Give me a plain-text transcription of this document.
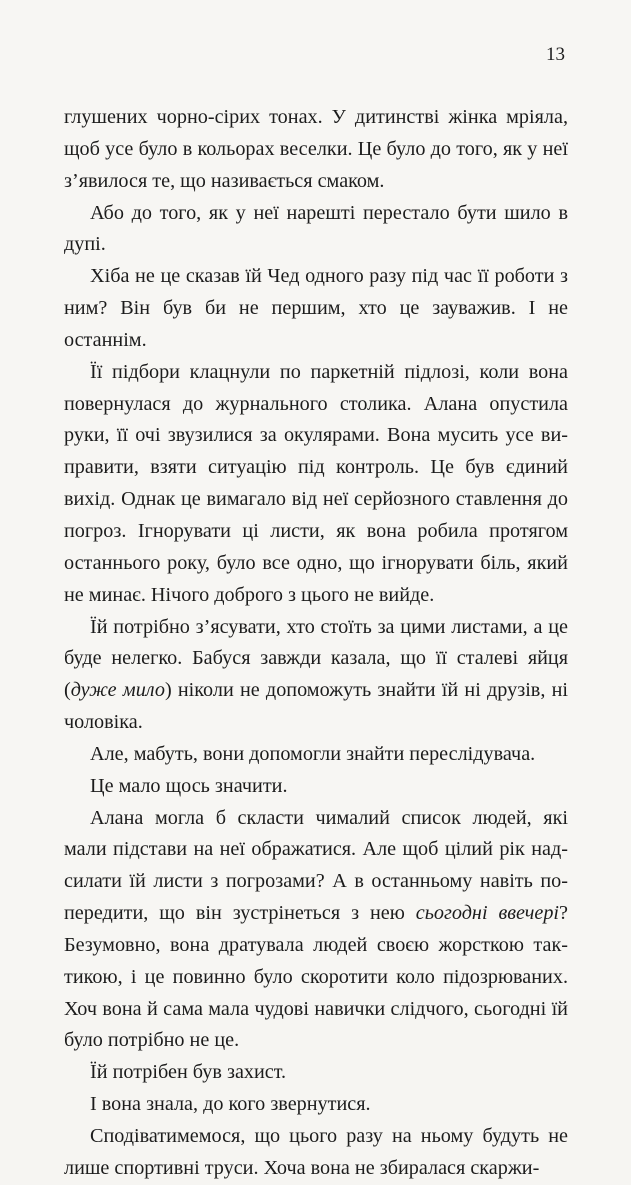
13

глушених чорно-сірих тонах. У дитинстві жінка мріяла, щоб усе було в кольорах веселки. Це було до того, як у неї з’явилося те, що називається смаком.

Або до того, як у неї нарешті перестало бути шило в дупі.

Хіба не це сказав їй Чед одного разу під час її роботи з ним? Він був би не першим, хто це зауважив. І не останнім.

Її підбори клацнули по паркетній підлозі, коли вона повернулася до журнального столика. Алана опустила руки, її очі звузилися за окулярами. Вона мусить усе виправити, взяти ситуацію під контроль. Це був єдиний вихід. Однак це вимагало від неї серйозного ставлення до погроз. Ігнорувати ці листи, як вона робила протягом останнього року, було все одно, що ігнорувати біль, який не минає. Нічого доброго з цього не вийде.

Їй потрібно з’ясувати, хто стоїть за цими листами, а це буде нелегко. Бабуся завжди казала, що її сталеві яйця (дуже мило) ніколи не допоможуть знайти їй ні друзів, ні чоловіка.

Але, мабуть, вони допомогли знайти переслідувача.

Це мало щось значити.

Алана могла б скласти чималий список людей, які мали підстави на неї ображатися. Але щоб цілий рік надсилати їй листи з погрозами? А в останньому навіть попередити, що він зустрінеться з нею сьогодні ввечері? Безумовно, вона дратувала людей своєю жорсткою тактикою, і це повинно було скоротити коло підозрюваних. Хоч вона й сама мала чудові навички слідчого, сьогодні їй було потрібно не це.

Їй потрібен був захист.

І вона знала, до кого звернутися.

Сподіватимемося, що цього разу на ньому будуть не лише спортивні труси. Хоча вона не збиралася скаржи-
